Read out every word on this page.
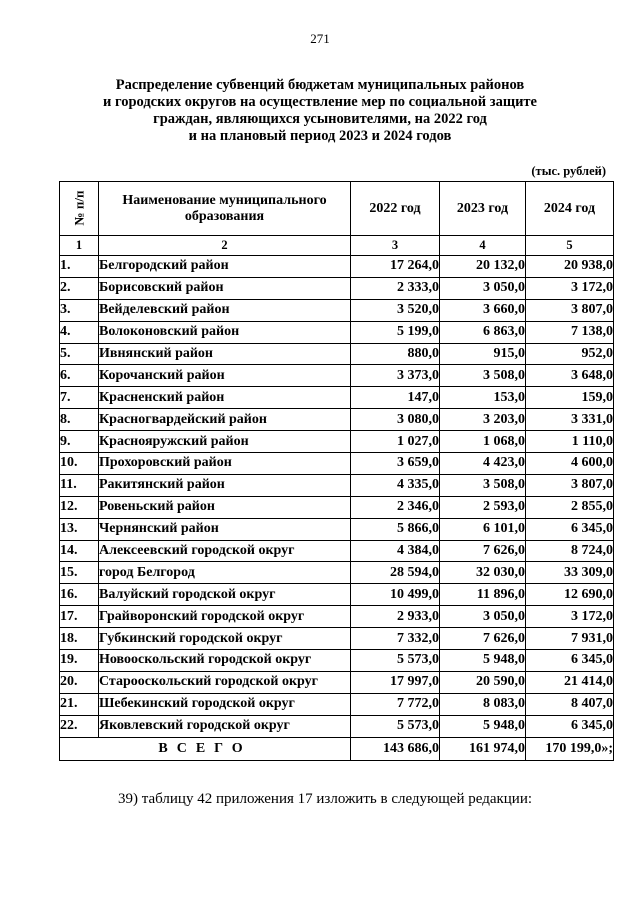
271
Распределение субвенций бюджетам муниципальных районов
и городских округов на осуществление мер по социальной защите
граждан, являющихся усыновителями, на 2022 год
и на плановый период 2023 и 2024 годов
(тыс. рублей)
№ п/п	Наименование муниципального образования	2022 год	2023 год	2024 год
1	2	3	4	5
1.	Белгородский район	17 264,0	20 132,0	20 938,0
2.	Борисовский район	2 333,0	3 050,0	3 172,0
3.	Вейделевский район	3 520,0	3 660,0	3 807,0
4.	Волоконовский район	5 199,0	6 863,0	7 138,0
5.	Ивнянский район	880,0	915,0	952,0
6.	Корочанский район	3 373,0	3 508,0	3 648,0
7.	Красненский район	147,0	153,0	159,0
8.	Красногвардейский район	3 080,0	3 203,0	3 331,0
9.	Краснояружский район	1 027,0	1 068,0	1 110,0
10.	Прохоровский район	3 659,0	4 423,0	4 600,0
11.	Ракитянский район	4 335,0	3 508,0	3 807,0
12.	Ровеньский район	2 346,0	2 593,0	2 855,0
13.	Чернянский район	5 866,0	6 101,0	6 345,0
14.	Алексеевский городской округ	4 384,0	7 626,0	8 724,0
15.	город Белгород	28 594,0	32 030,0	33 309,0
16.	Валуйский городской округ	10 499,0	11 896,0	12 690,0
17.	Грайворонский городской округ	2 933,0	3 050,0	3 172,0
18.	Губкинский городской округ	7 332,0	7 626,0	7 931,0
19.	Новооскольский городской округ	5 573,0	5 948,0	6 345,0
20.	Старооскольский городской округ	17 997,0	20 590,0	21 414,0
21.	Шебекинский городской округ	7 772,0	8 083,0	8 407,0
22.	Яковлевский городской округ	5 573,0	5 948,0	6 345,0
ВСЕГО		143 686,0	161 974,0	170 199,0»;
39) таблицу 42 приложения 17 изложить в следующей редакции:
